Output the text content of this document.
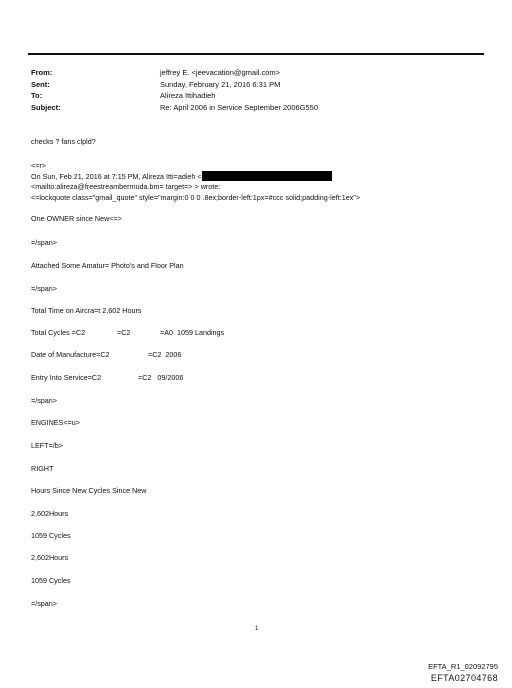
From:	jeffrey E. <jeevacation@gmail.com>
Sent:	Sunday, February 21, 2016 6:31 PM
To:	Alireza Ittihadieh
Subject:	Re: April 2006 in Service September 2006G550
checks ? fans clpld?
<=r>
On Sun, Feb 21, 2016 at 7:15 PM, Alireza Itti=adieh <
<mailto:alireza@freestreambermuda.bm= target=> > wrote:
<=lockquote class="gmail_quote" style="margin:0 0 0 .8ex;border-left:1px=#ccc solid;padding-left:1ex">
One OWNER since New<=>
=/span>
Attached Some Amatur= Photo's and Floor Plan
=/span>
Total Time on Aircra=t 2,602 Hours
Total Cycles =C2	=C2	=A0  1059 Landings
Date of Manufacture=C2	=C2  2006
Entry Into Service=C2	=C2   09/2006
=/span>
ENGINES<=u>
LEFT=/b>
RIGHT
Hours Since New Cycles Since New
2,602Hours
1059 Cycles
2,602Hours
1059 Cycles
=/span>
1
EFTA_R1_02092795
EFTA02704768
